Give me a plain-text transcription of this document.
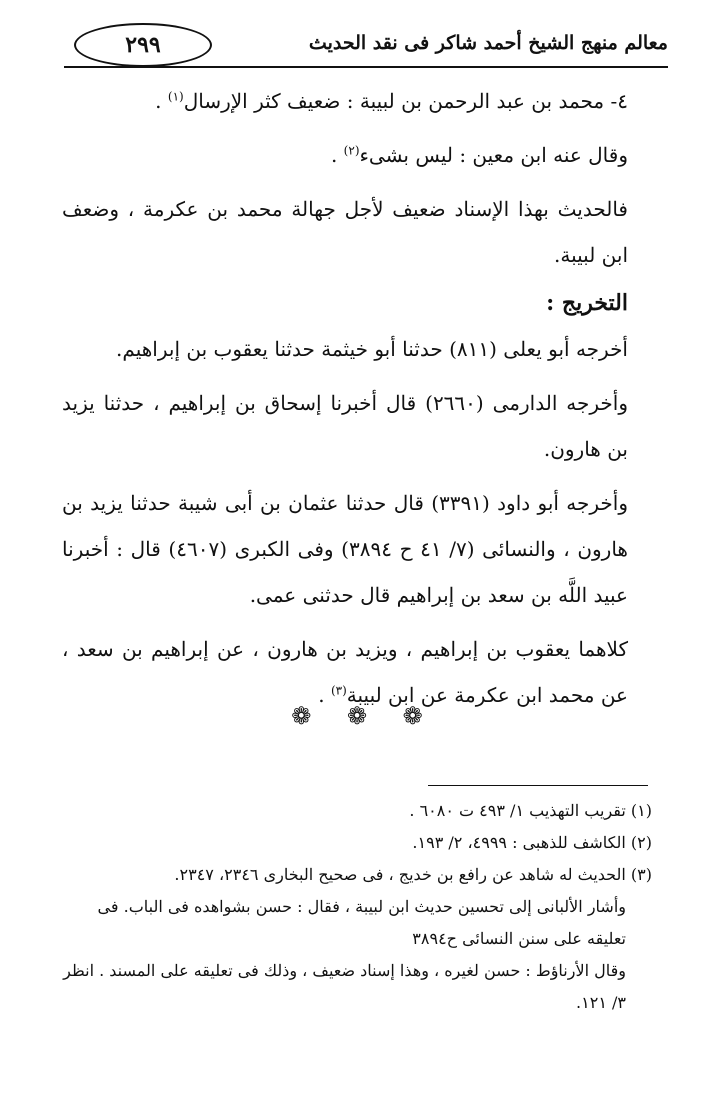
معالم منهج الشيخ أحمد شاكر فى نقد الحديث
٢٩٩

٤- محمد بن عبد الرحمن بن لبيبة : ضعيف كثر الإرسال$^{(١)}$ .

وقال عنه ابن معين : ليس بشىء$^{(٢)}$ .

فالحديث بهذا الإسناد ضعيف لأجل جهالة محمد بن عكرمة ، وضعف ابن لبيبة.

التخريج :

أخرجه أبو يعلى (٨١١) حدثنا أبو خيثمة حدثنا يعقوب بن إبراهيم.

وأخرجه الدارمى (٢٦٦٠) قال أخبرنا إسحاق بن إبراهيم ، حدثنا يزيد بن هارون.

وأخرجه أبو داود (٣٣٩١) قال حدثنا عثمان بن أبى شيبة حدثنا يزيد بن هارون ، والنسائى (٧/ ٤١ ح ٣٨٩٤) وفى الكبرى (٤٦٠٧) قال : أخبرنا عبيد اللَّه بن سعد بن إبراهيم قال حدثنى عمى.

كلاهما يعقوب بن إبراهيم ، ويزيد بن هارون ، عن إبراهيم بن سعد ، عن محمد ابن عكرمة عن ابن لبيبة$^{(٣)}$ .

❁ ❁ ❁

(١) تقريب التهذيب ١/ ٤٩٣ ت ٦٠٨٠ .

(٢) الكاشف للذهبى : ٤٩٩٩، ٢/ ١٩٣.

(٣) الحديث له شاهد عن رافع بن خديج ، فى صحيح البخارى ٢٣٤٦، ٢٣٤٧.

وأشار الألبانى إلى تحسين حديث ابن لبيبة ، فقال : حسن بشواهده فى الباب. فى تعليقه على سنن النسائى ح٣٨٩٤

وقال الأرناؤط : حسن لغيره ، وهذا إسناد ضعيف ، وذلك فى تعليقه على المسند . انظر ٣/ ١٢١.
